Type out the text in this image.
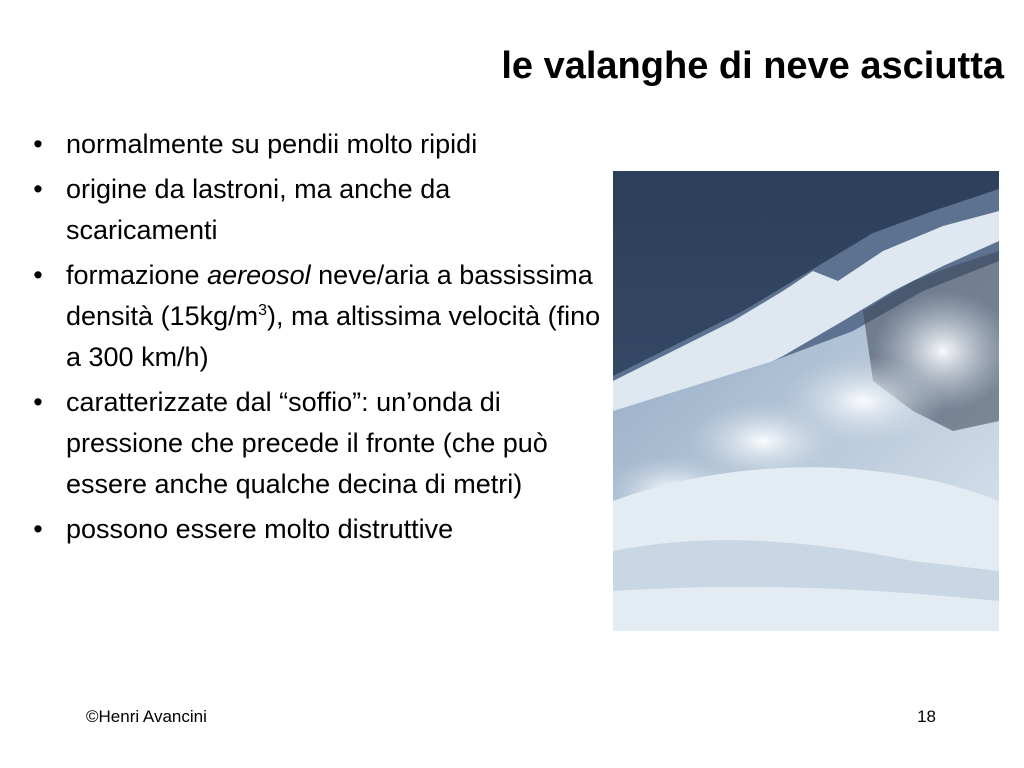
le valanghe di neve asciutta
• normalmente su pendii molto ripidi
• origine da lastroni, ma anche da scaricamenti
• formazione aereosol neve/aria a bassissima densità $(15kg/m^3)$, ma altissima velocità (fino a 300 km/h)
• caratterizzate dal “soffio”: un’onda di pressione che precede il fronte (che può essere anche qualche decina di metri)
• possono essere molto distruttive
©Henri Avancini	18
